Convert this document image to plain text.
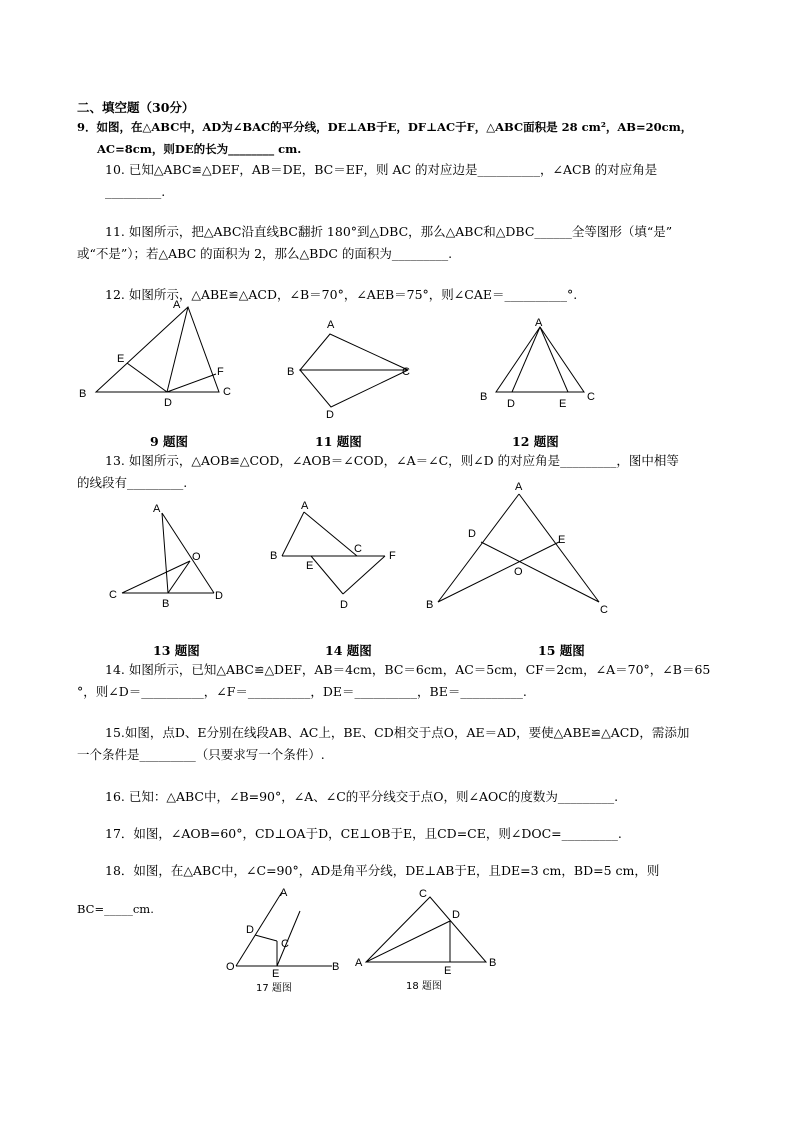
二、填空题（30分）
9．如图，在△ABC中，AD为∠BAC的平分线，DE⊥AB于E，DF⊥AC于F，△ABC面积是 28 cm²，AB=20cm，
AC=8cm，则DE的长为________ cm.
10. 已知△ABC≌△DEF，AB＝DE，BC＝EF，则 AC 的对应边是__________，∠ACB 的对应角是
_________.
11. 如图所示，把△ABC沿直线BC翻折 180°到△DBC，那么△ABC和△DBC______全等图形（填“是”
或“不是”）；若△ABC 的面积为 2，那么△BDC 的面积为_________.
12. 如图所示，△ABE≌△ACD，∠B＝70°，∠AEB＝75°，则∠CAE＝__________°.
A
B	C
D
E
F
A
B	C
D
A
B	C
D	E
9 题图	11 题图	12 题图
13. 如图所示，△AOB≌△COD，∠AOB＝∠COD，∠A＝∠C，则∠D 的对应角是_________，图中相等
的线段有_________.
A
B
C	D
O
A
B
C
D
E
F
A
B	C
D	E
O
13 题图	14 题图	15 题图
14. 如图所示，已知△ABC≌△DEF，AB＝4cm，BC＝6cm，AC＝5cm，CF＝2cm，∠A＝70°，∠B＝65
°，则∠D＝__________，∠F＝__________，DE＝__________，BE＝__________.
15.如图，点D、E分别在线段AB、AC上，BE、CD相交于点O，AE＝AD，要使△ABE≌△ACD，需添加
一个条件是_________（只要求写一个条件）.
16. 已知：△ABC中，∠B=90°，∠A、∠C的平分线交于点O，则∠AOC的度数为_________.
17．如图，∠AOB=60°，CD⊥OA于D，CE⊥OB于E，且CD=CE，则∠DOC=_________.
18．如图，在△ABC中，∠C=90°，AD是角平分线，DE⊥AB于E，且DE=3 cm，BD=5 cm，则
BC=_____cm.
A
B
C
D
E
O
C
A	B
D
E
17 题图	18 题图
